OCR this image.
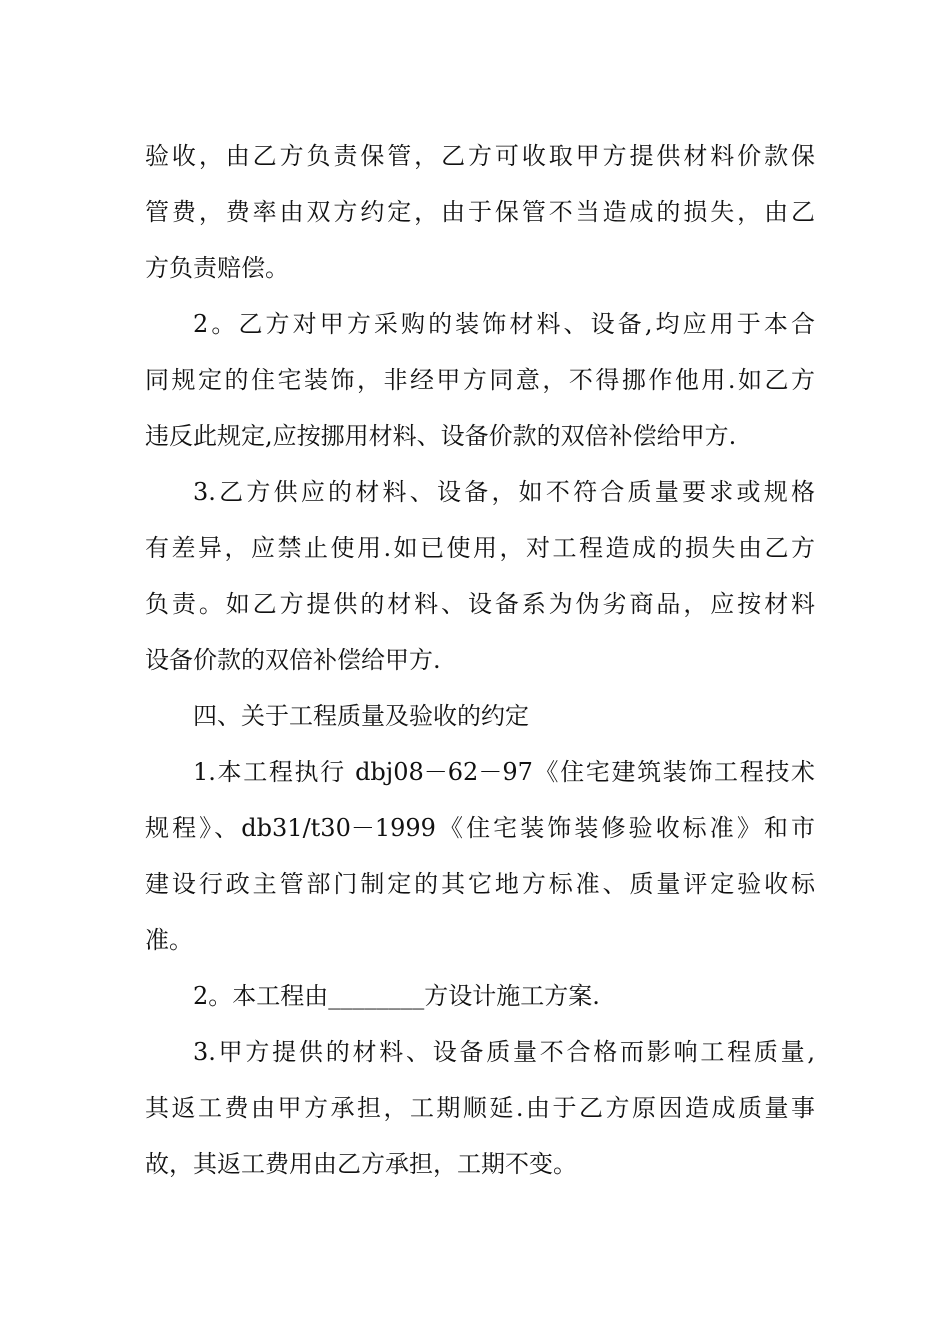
验收，由乙方负责保管，乙方可收取甲方提供材料价款保
管费，费率由双方约定，由于保管不当造成的损失，由乙
方负责赔偿。
2。乙方对甲方采购的装饰材料、设备,均应用于本合
同规定的住宅装饰，非经甲方同意，不得挪作他用.如乙方
违反此规定,应按挪用材料、设备价款的双倍补偿给甲方.
3.乙方供应的材料、设备，如不符合质量要求或规格
有差异，应禁止使用.如已使用，对工程造成的损失由乙方
负责。如乙方提供的材料、设备系为伪劣商品，应按材料
设备价款的双倍补偿给甲方.
四、关于工程质量及验收的约定
1.本工程执行 dbj08－62－97《住宅建筑装饰工程技术
规程》、db31/t30－1999《住宅装饰装修验收标准》和市
建设行政主管部门制定的其它地方标准、质量评定验收标
准。
2。本工程由________方设计施工方案.
3.甲方提供的材料、设备质量不合格而影响工程质量,
其返工费由甲方承担，工期顺延.由于乙方原因造成质量事
故，其返工费用由乙方承担，工期不变。
